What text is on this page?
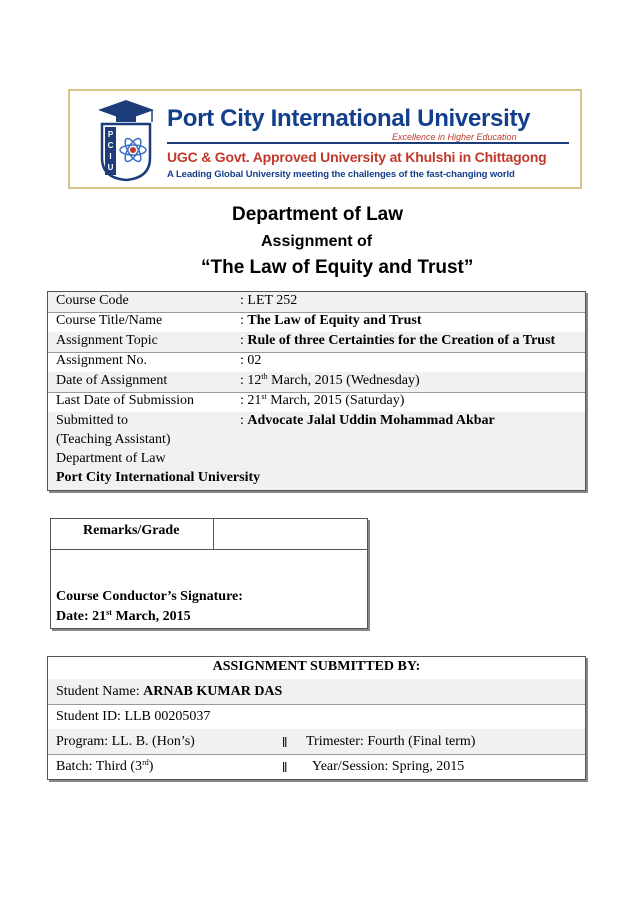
P
C
I
U
Port City International University
Excellence in Higher Education
UGC & Govt. Approved University at Khulshi in Chittagong
A Leading Global University meeting the challenges of the fast-changing world
Department of Law
Assignment of
“The Law of Equity and Trust”
Course Code	: LET 252
Course Title/Name	: The Law of Equity and Trust
Assignment Topic	: Rule of three Certainties for the Creation of a Trust
Assignment No.	: 02
Date of Assignment	: 12th March, 2015 (Wednesday)
Last Date of Submission	: 21st March, 2015 (Saturday)
Submitted to	: Advocate Jalal Uddin Mohammad Akbar
(Teaching Assistant)
Department of Law
Port City International University
Remarks/Grade
Course Conductor’s Signature:
Date: 21st March, 2015
ASSIGNMENT SUBMITTED BY:
Student Name: ARNAB KUMAR DAS
Student ID: LLB 00205037
Program: LL. B. (Hon’s)	ǁ Trimester: Fourth (Final term)
Batch: Third (3rd)	ǁ Year/Session: Spring, 2015
